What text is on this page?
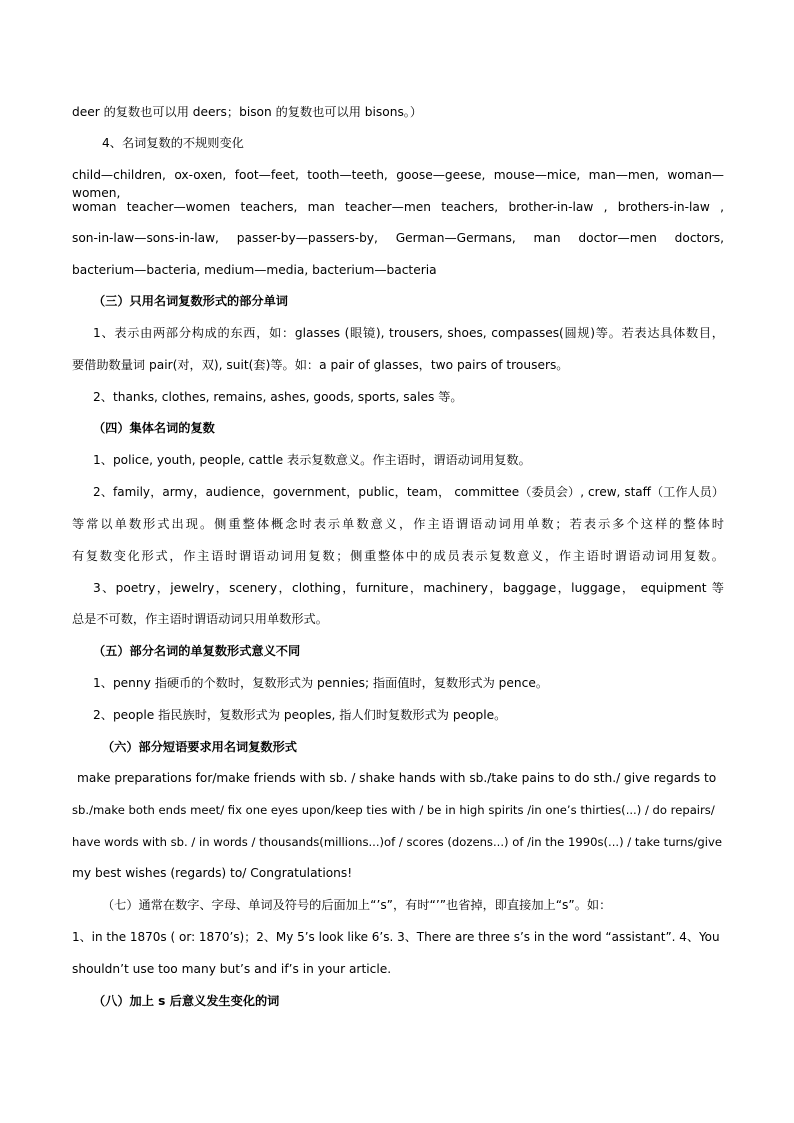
deer 的复数也可以用 deers；bison 的复数也可以用 bisons。）
4、名词复数的不规则变化
child—children, ox-oxen, foot—feet, tooth—teeth, goose—geese, mouse—mice, man—men, woman—women,
woman teacher—women teachers, man teacher—men teachers, brother-in-law , brothers-in-law ,
son-in-law—sons-in-law, passer-by—passers-by, German—Germans, man doctor—men doctors,
bacterium—bacteria, medium—media, bacterium—bacteria
（三）只用名词复数形式的部分单词
1、表示由两部分构成的东西，如：glasses (眼镜), trousers, shoes, compasses(圆规)等。若表达具体数目，
要借助数量词 pair(对，双), suit(套)等。如：a pair of glasses，two pairs of trousers。
2、thanks, clothes, remains, ashes, goods, sports, sales 等。
（四）集体名词的复数
1、police, youth, people, cattle 表示复数意义。作主语时，谓语动词用复数。
2、family，army，audience，government，public，team， committee（委员会）, crew, staff（工作人员）
等常以单数形式出现。侧重整体概念时表示单数意义，作主语谓语动词用单数；若表示多个这样的整体时
有复数变化形式，作主语时谓语动词用复数；侧重整体中的成员表示复数意义，作主语时谓语动词用复数。
3、poetry，jewelry，scenery，clothing，furniture，machinery，baggage，luggage， equipment 等
总是不可数，作主语时谓语动词只用单数形式。
（五）部分名词的单复数形式意义不同
1、penny 指硬币的个数时，复数形式为 pennies; 指面值时，复数形式为 pence。
2、people 指民族时，复数形式为 peoples, 指人们时复数形式为 people。
（六）部分短语要求用名词复数形式
make preparations for/make friends with sb. / shake hands with sb./take pains to do sth./ give regards to
sb./make both ends meet/ fix one eyes upon/keep ties with / be in high spirits /in one’s thirties(...) / do repairs/
have words with sb. / in words / thousands(millions...)of / scores (dozens...) of /in the 1990s(...) / take turns/give
my best wishes (regards) to/ Congratulations!
（七）通常在数字、字母、单词及符号的后面加上“’s”，有时“’”也省掉，即直接加上“s”。如：
1、in the 1870s ( or: 1870’s)；2、My 5’s look like 6’s. 3、There are three s’s in the word “assistant”. 4、You
shouldn’t use too many but’s and if’s in your article.
（八）加上 s 后意义发生变化的词
